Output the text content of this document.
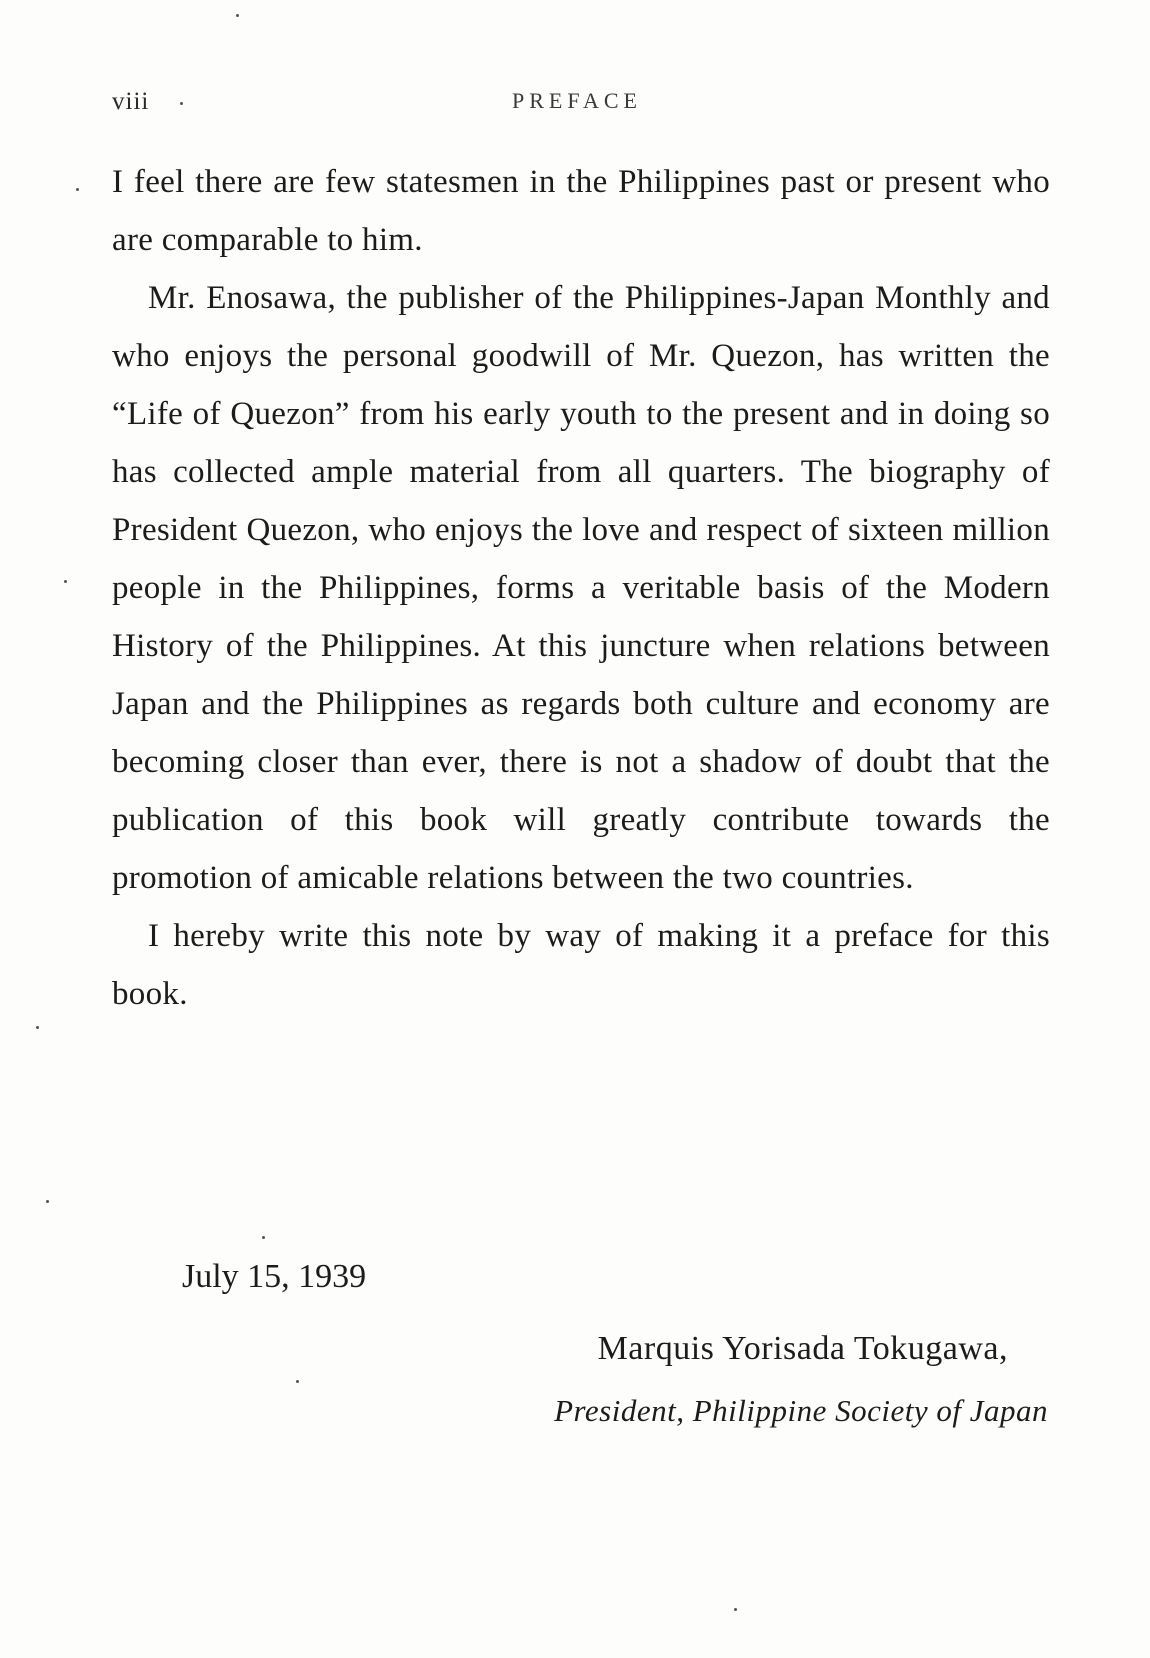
viii	PREFACE

I feel there are few statesmen in the Philippines past or present who are comparable to him.

Mr. Enosawa, the publisher of the Philippines-Japan Monthly and who enjoys the personal goodwill of Mr. Quezon, has written the “Life of Quezon” from his early youth to the present and in doing so has collected ample material from all quarters. The biography of President Quezon, who enjoys the love and respect of sixteen million people in the Philippines, forms a veritable basis of the Modern History of the Philippines. At this juncture when relations between Japan and the Philippines as regards both culture and economy are becoming closer than ever, there is not a shadow of doubt that the publication of this book will greatly contribute towards the promotion of amicable relations between the two countries.

I hereby write this note by way of making it a preface for this book.

July 15, 1939
Marquis Yorisada Tokugawa,
President, Philippine Society of Japan
